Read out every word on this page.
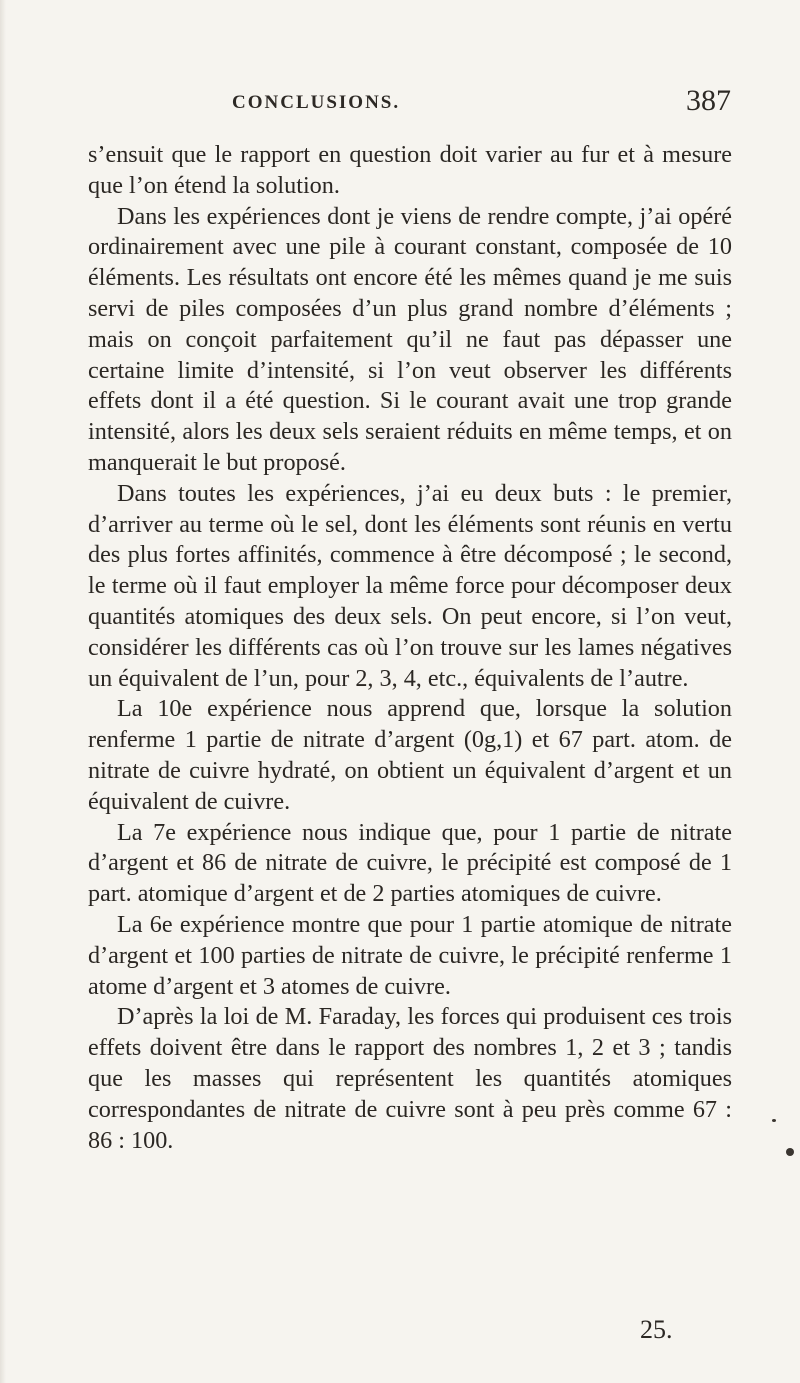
CONCLUSIONS.	387

s’ensuit que le rapport en question doit varier au fur et à mesure que l’on étend la solution.

Dans les expériences dont je viens de rendre compte, j’ai opéré ordinairement avec une pile à courant constant, composée de 10 éléments. Les résultats ont encore été les mêmes quand je me suis servi de piles composées d’un plus grand nombre d’éléments ; mais on conçoit parfaitement qu’il ne faut pas dépasser une certaine limite d’intensité, si l’on veut observer les différents effets dont il a été question. Si le courant avait une trop grande intensité, alors les deux sels seraient réduits en même temps, et on manquerait le but proposé.

Dans toutes les expériences, j’ai eu deux buts : le premier, d’arriver au terme où le sel, dont les éléments sont réunis en vertu des plus fortes affinités, commence à être décomposé ; le second, le terme où il faut employer la même force pour décomposer deux quantités atomiques des deux sels. On peut encore, si l’on veut, considérer les différents cas où l’on trouve sur les lames négatives un équivalent de l’un, pour 2, 3, 4, etc., équivalents de l’autre.

La 10e expérience nous apprend que, lorsque la solution renferme 1 partie de nitrate d’argent (0g,1) et 67 part. atom. de nitrate de cuivre hydraté, on obtient un équivalent d’argent et un équivalent de cuivre.

La 7e expérience nous indique que, pour 1 partie de nitrate d’argent et 86 de nitrate de cuivre, le précipité est composé de 1 part. atomique d’argent et de 2 parties atomiques de cuivre.

La 6e expérience montre que pour 1 partie atomique de nitrate d’argent et 100 parties de nitrate de cuivre, le précipité renferme 1 atome d’argent et 3 atomes de cuivre.

D’après la loi de M. Faraday, les forces qui produisent ces trois effets doivent être dans le rapport des nombres 1, 2 et 3 ; tandis que les masses qui représentent les quantités atomiques correspondantes de nitrate de cuivre sont à peu près comme 67 : 86 : 100.

25.
